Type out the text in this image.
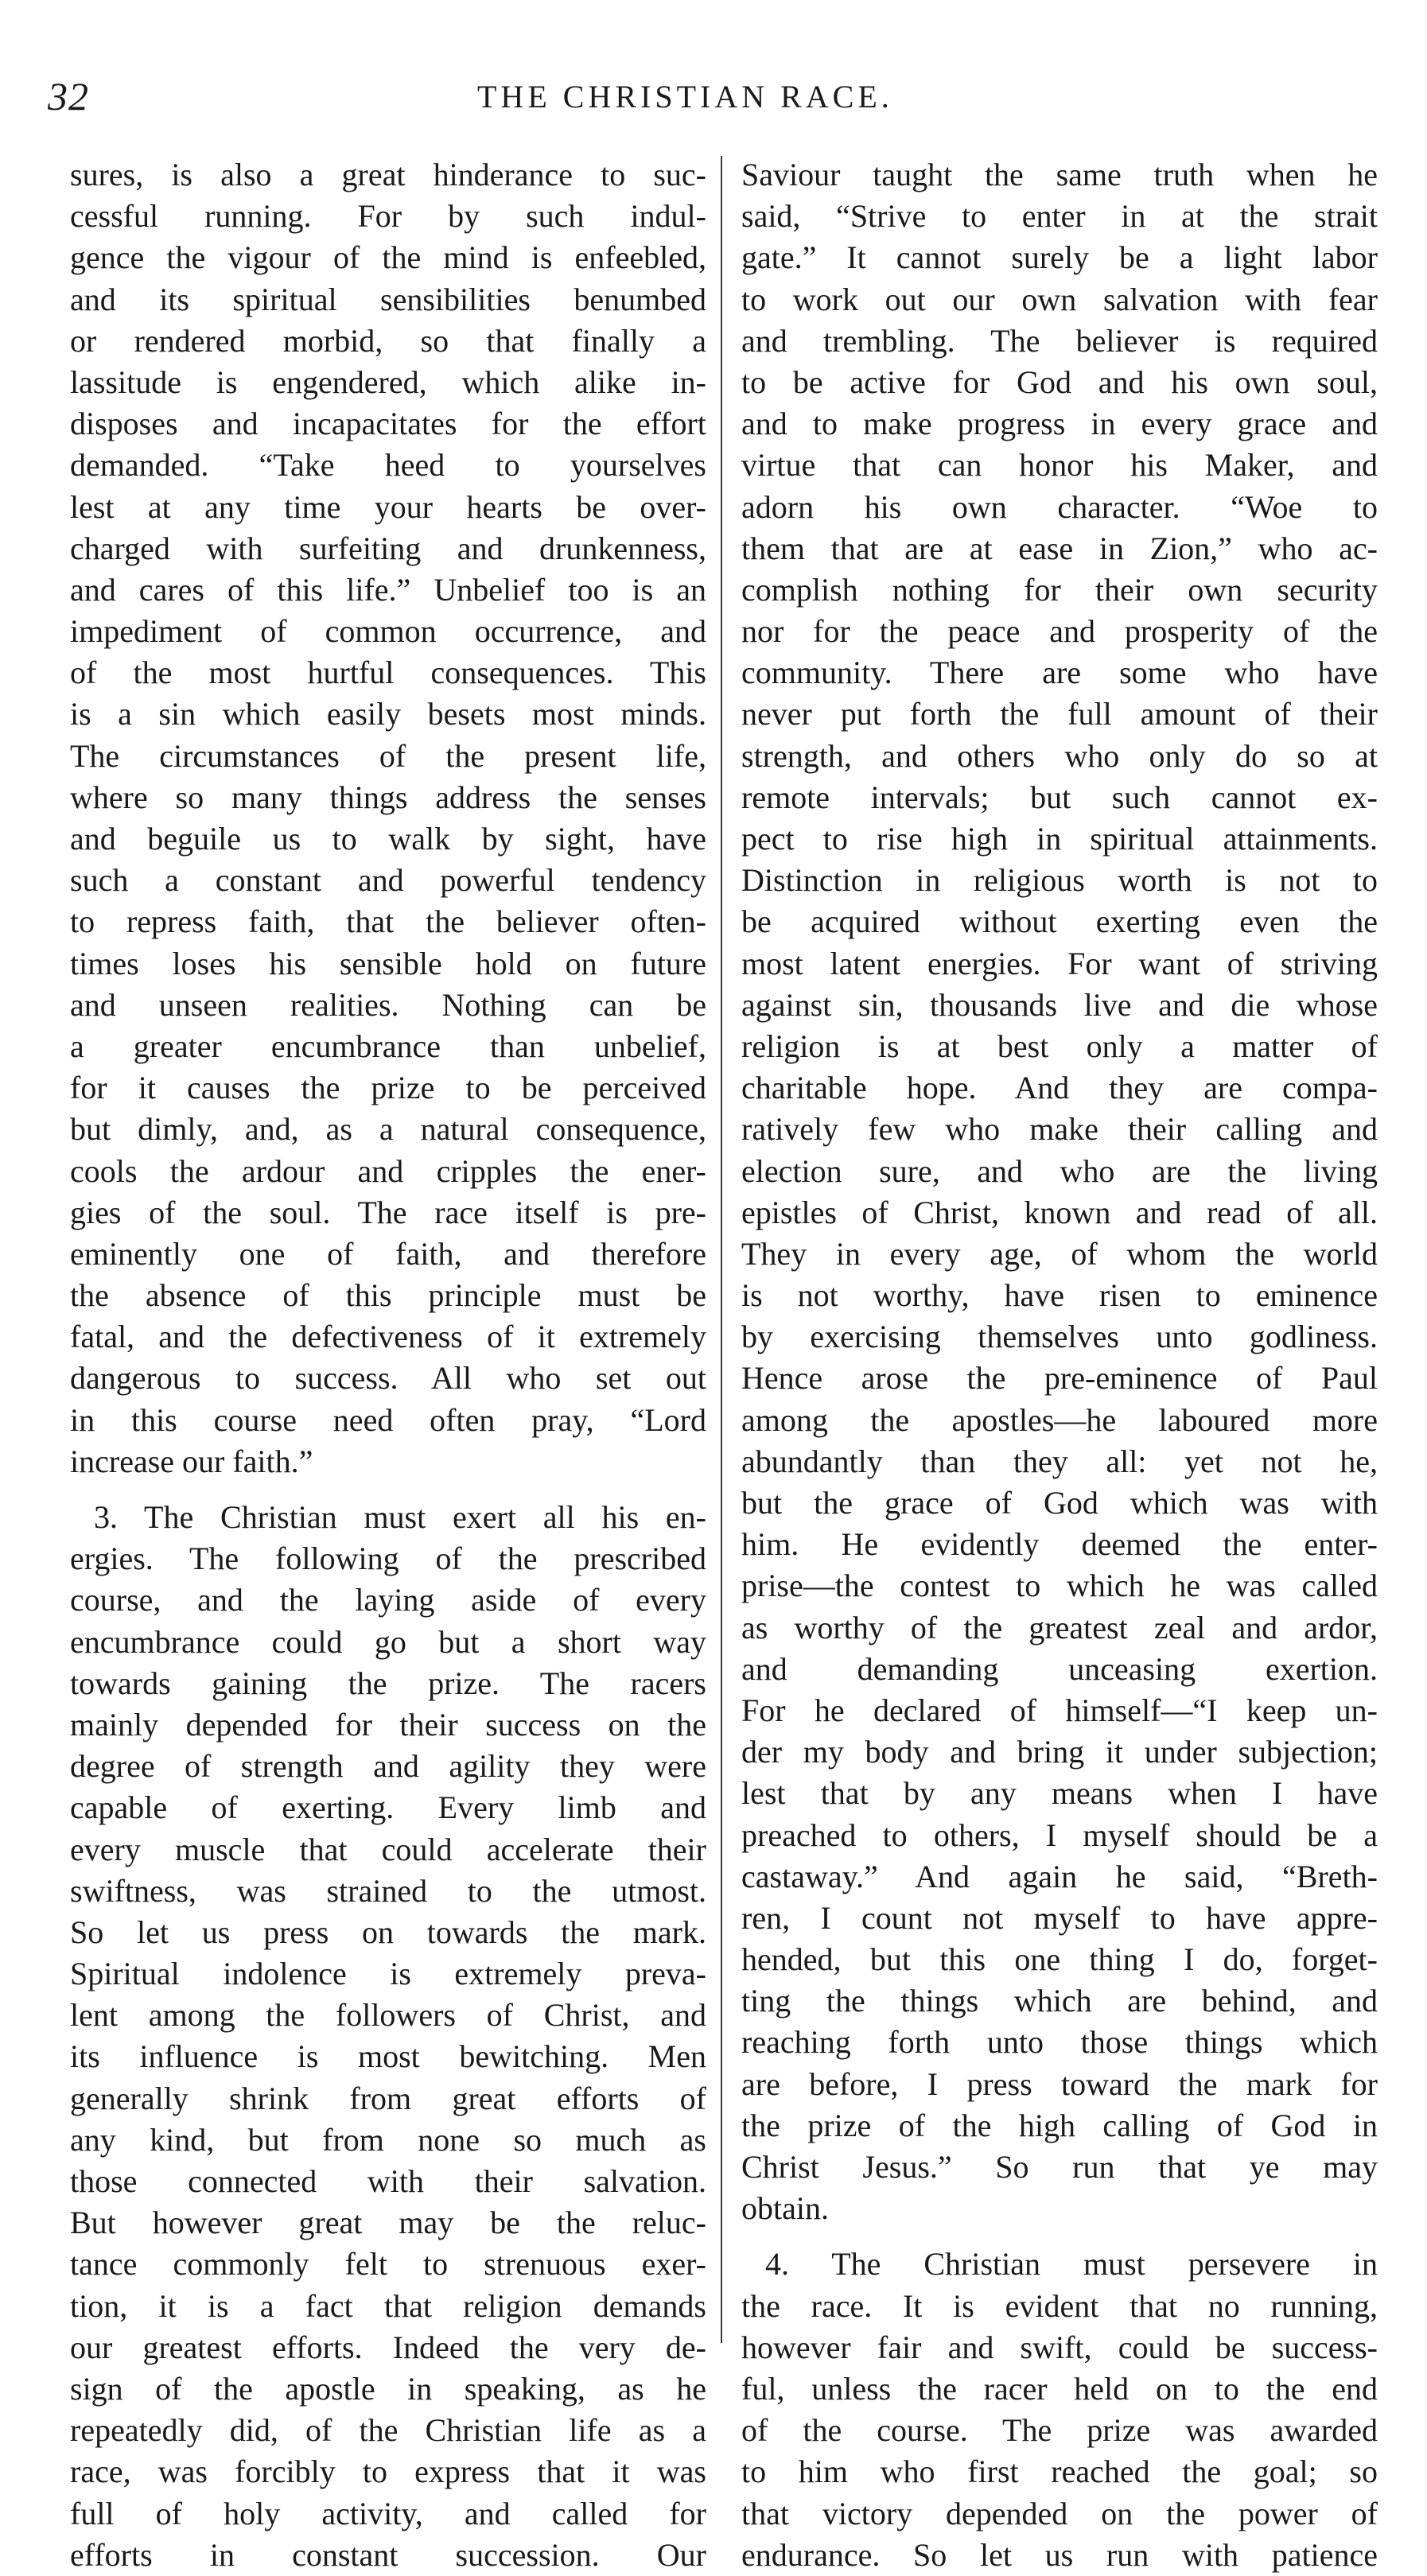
32	THE CHRISTIAN RACE.
sures, is also a great hinderance to suc-
cessful running. For by such indul-
gence the vigour of the mind is enfeebled,
and its spiritual sensibilities benumbed
or rendered morbid, so that finally a
lassitude is engendered, which alike in-
disposes and incapacitates for the effort
demanded. “Take heed to yourselves
lest at any time your hearts be over-
charged with surfeiting and drunkenness,
and cares of this life.” Unbelief too is an
impediment of common occurrence, and
of the most hurtful consequences. This
is a sin which easily besets most minds.
The circumstances of the present life,
where so many things address the senses
and beguile us to walk by sight, have
such a constant and powerful tendency
to repress faith, that the believer often-
times loses his sensible hold on future
and unseen realities. Nothing can be
a greater encumbrance than unbelief,
for it causes the prize to be perceived
but dimly, and, as a natural consequence,
cools the ardour and cripples the ener-
gies of the soul. The race itself is pre-
eminently one of faith, and therefore
the absence of this principle must be
fatal, and the defectiveness of it extremely
dangerous to success. All who set out
in this course need often pray, “Lord
increase our faith.”
3. The Christian must exert all his en-
ergies. The following of the prescribed
course, and the laying aside of every
encumbrance could go but a short way
towards gaining the prize. The racers
mainly depended for their success on the
degree of strength and agility they were
capable of exerting. Every limb and
every muscle that could accelerate their
swiftness, was strained to the utmost.
So let us press on towards the mark.
Spiritual indolence is extremely preva-
lent among the followers of Christ, and
its influence is most bewitching. Men
generally shrink from great efforts of
any kind, but from none so much as
those connected with their salvation.
But however great may be the reluc-
tance commonly felt to strenuous exer-
tion, it is a fact that religion demands
our greatest efforts. Indeed the very de-
sign of the apostle in speaking, as he
repeatedly did, of the Christian life as a
race, was forcibly to express that it was
full of holy activity, and called for
efforts in constant succession. Our
Saviour taught the same truth when he
said, “Strive to enter in at the strait
gate.” It cannot surely be a light labor
to work out our own salvation with fear
and trembling. The believer is required
to be active for God and his own soul,
and to make progress in every grace and
virtue that can honor his Maker, and
adorn his own character. “Woe to
them that are at ease in Zion,” who ac-
complish nothing for their own security
nor for the peace and prosperity of the
community. There are some who have
never put forth the full amount of their
strength, and others who only do so at
remote intervals; but such cannot ex-
pect to rise high in spiritual attainments.
Distinction in religious worth is not to
be acquired without exerting even the
most latent energies. For want of striving
against sin, thousands live and die whose
religion is at best only a matter of
charitable hope. And they are compa-
ratively few who make their calling and
election sure, and who are the living
epistles of Christ, known and read of all.
They in every age, of whom the world
is not worthy, have risen to eminence
by exercising themselves unto godliness.
Hence arose the pre-eminence of Paul
among the apostles—he laboured more
abundantly than they all: yet not he,
but the grace of God which was with
him. He evidently deemed the enter-
prise—the contest to which he was called
as worthy of the greatest zeal and ardor,
and demanding unceasing exertion.
For he declared of himself—“I keep un-
der my body and bring it under subjection;
lest that by any means when I have
preached to others, I myself should be a
castaway.” And again he said, “Breth-
ren, I count not myself to have appre-
hended, but this one thing I do, forget-
ting the things which are behind, and
reaching forth unto those things which
are before, I press toward the mark for
the prize of the high calling of God in
Christ Jesus.” So run that ye may
obtain.
4. The Christian must persevere in
the race. It is evident that no running,
however fair and swift, could be success-
ful, unless the racer held on to the end
of the course. The prize was awarded
to him who first reached the goal; so
that victory depended on the power of
endurance. So let us run with patience
